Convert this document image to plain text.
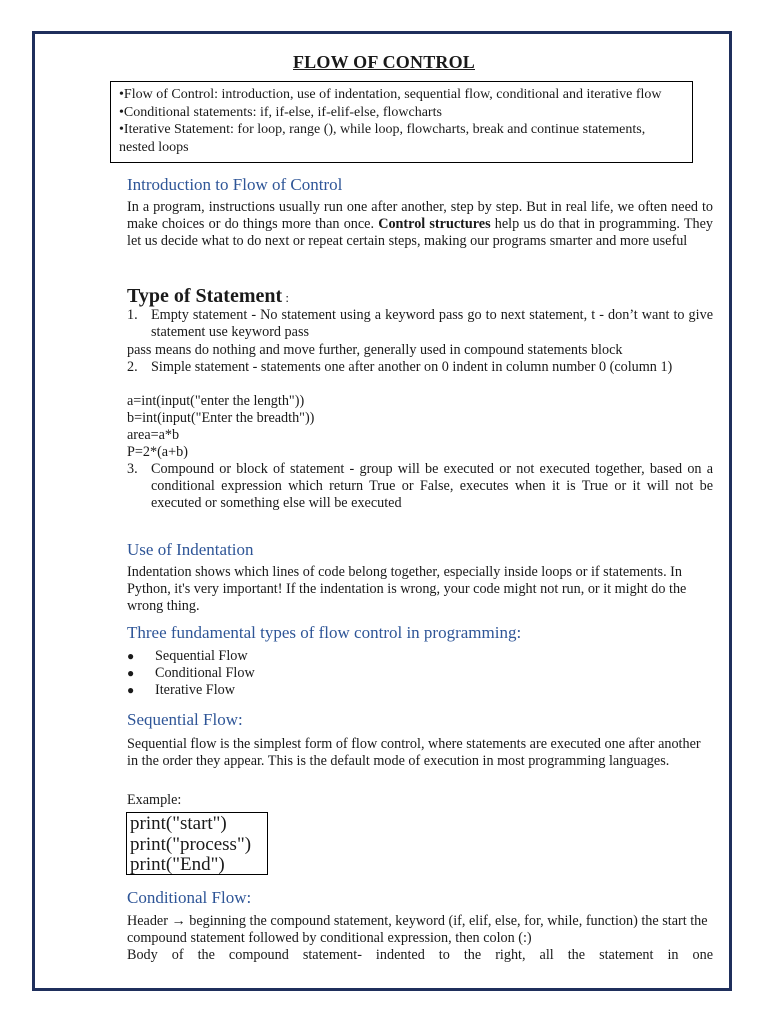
FLOW OF CONTROL
•Flow of Control: introduction, use of indentation, sequential flow, conditional and iterative flow •Conditional statements: if, if-else, if-elif-else, flowcharts
•Iterative Statement: for loop, range (), while loop, flowcharts, break and continue statements, nested loops
Introduction to Flow of Control
In a program, instructions usually run one after another, step by step. But in real life, we often need to make choices or do things more than once. Control structures help us do that in programming. They let us decide what to do next or repeat certain steps, making our programs smarter and more useful
Type of Statement :
1. Empty statement - No statement using a keyword pass go to next statement, t - don’t want to give statement use keyword pass
pass means do nothing and move further, generally used in compound statements block
2. Simple statement - statements one after another on 0 indent in column number 0 (column 1)
a=int(input("enter the length"))
b=int(input("Enter the breadth"))
area=a*b
P=2*(a+b)
3. Compound or block of statement - group will be executed or not executed together, based on a conditional expression which return True or False, executes when it is True or it will not be executed or something else will be executed
Use of Indentation
Indentation shows which lines of code belong together, especially inside loops or if statements. In Python, it's very important! If the indentation is wrong, your code might not run, or it might do the wrong thing.
Three fundamental types of flow control in programming:
● Sequential Flow
● Conditional Flow
● Iterative Flow
Sequential Flow:
Sequential flow is the simplest form of flow control, where statements are executed one after another in the order they appear. This is the default mode of execution in most programming languages.
Example:
print("start")
print("process")
print("End")
Conditional Flow:
Header → beginning the compound statement, keyword (if, elif, else, for, while, function) the start the compound statement followed by conditional expression, then colon (:)
Body of the compound statement- indented to the right, all the statement in one
